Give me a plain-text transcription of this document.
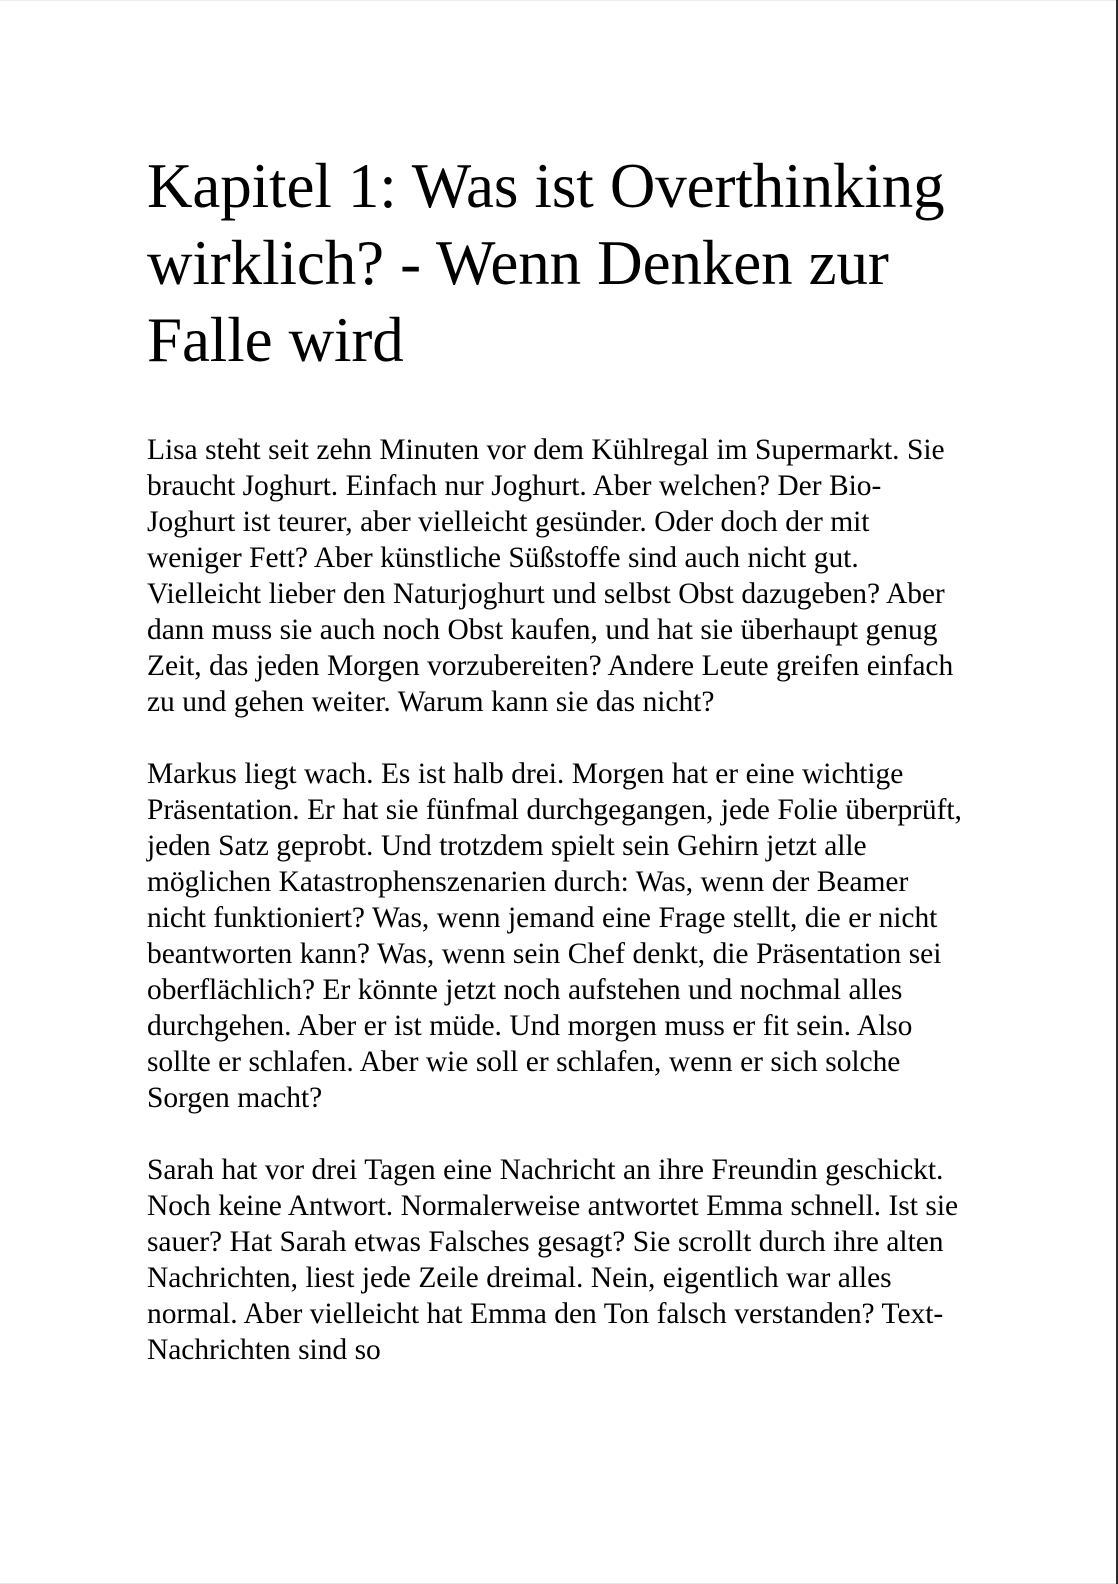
Kapitel 1: Was ist Overthinking wirklich? - Wenn Denken zur Falle wird

Lisa steht seit zehn Minuten vor dem Kühlregal im Supermarkt. Sie braucht Joghurt. Einfach nur Joghurt. Aber welchen? Der Bio-Joghurt ist teurer, aber vielleicht gesünder. Oder doch der mit weniger Fett? Aber künstliche Süßstoffe sind auch nicht gut. Vielleicht lieber den Naturjoghurt und selbst Obst dazugeben? Aber dann muss sie auch noch Obst kaufen, und hat sie überhaupt genug Zeit, das jeden Morgen vorzubereiten? Andere Leute greifen einfach zu und gehen weiter. Warum kann sie das nicht?

Markus liegt wach. Es ist halb drei. Morgen hat er eine wichtige Präsentation. Er hat sie fünfmal durchgegangen, jede Folie überprüft, jeden Satz geprobt. Und trotzdem spielt sein Gehirn jetzt alle möglichen Katastrophenszenarien durch: Was, wenn der Beamer nicht funktioniert? Was, wenn jemand eine Frage stellt, die er nicht beantworten kann? Was, wenn sein Chef denkt, die Präsentation sei oberflächlich? Er könnte jetzt noch aufstehen und nochmal alles durchgehen. Aber er ist müde. Und morgen muss er fit sein. Also sollte er schlafen. Aber wie soll er schlafen, wenn er sich solche Sorgen macht?

Sarah hat vor drei Tagen eine Nachricht an ihre Freundin geschickt. Noch keine Antwort. Normalerweise antwortet Emma schnell. Ist sie sauer? Hat Sarah etwas Falsches gesagt? Sie scrollt durch ihre alten Nachrichten, liest jede Zeile dreimal. Nein, eigentlich war alles normal. Aber vielleicht hat Emma den Ton falsch verstanden? Text-Nachrichten sind so
